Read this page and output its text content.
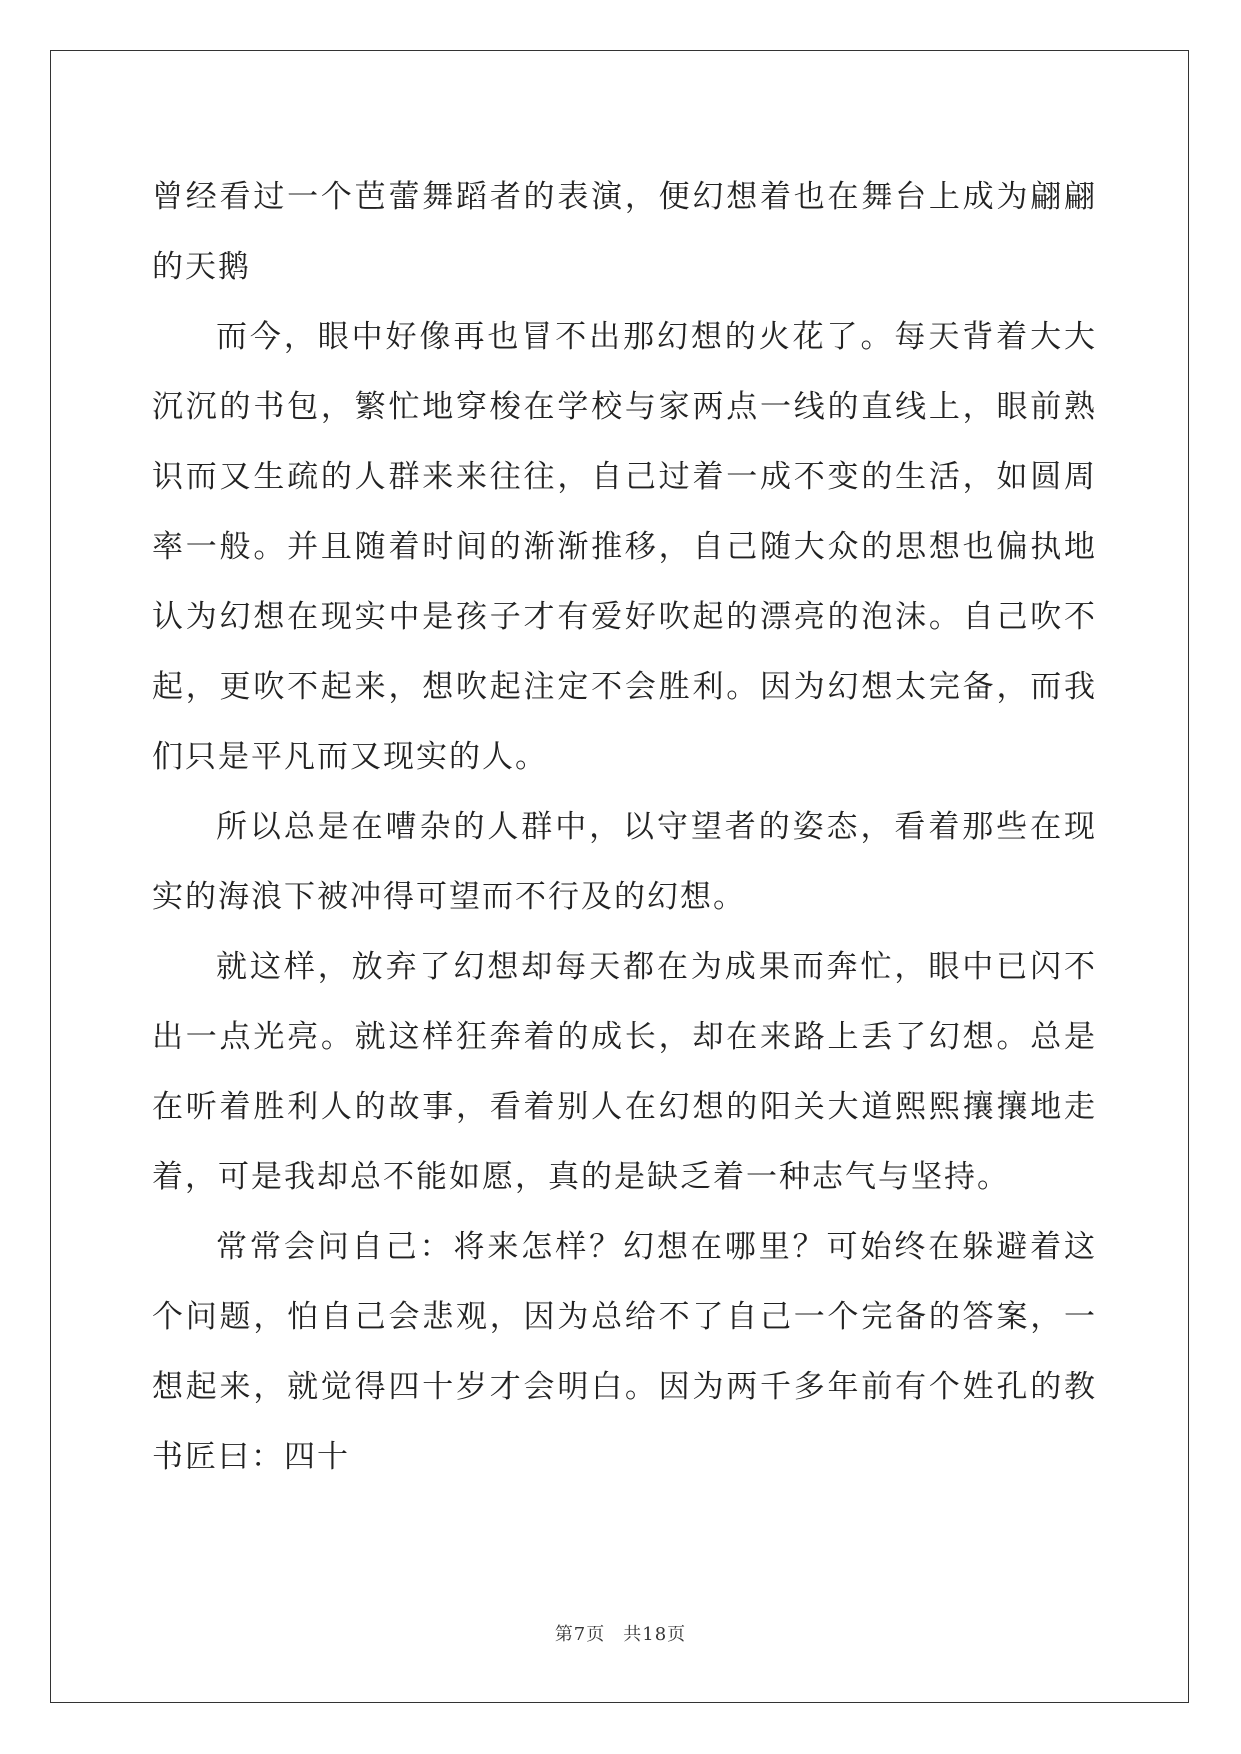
曾经看过一个芭蕾舞蹈者的表演，便幻想着也在舞台上成为翩翩的天鹅

而今，眼中好像再也冒不出那幻想的火花了。每天背着大大沉沉的书包，繁忙地穿梭在学校与家两点一线的直线上，眼前熟识而又生疏的人群来来往往，自己过着一成不变的生活，如圆周率一般。并且随着时间的渐渐推移，自己随大众的思想也偏执地认为幻想在现实中是孩子才有爱好吹起的漂亮的泡沫。自己吹不起，更吹不起来，想吹起注定不会胜利。因为幻想太完备，而我们只是平凡而又现实的人。

所以总是在嘈杂的人群中，以守望者的姿态，看着那些在现实的海浪下被冲得可望而不行及的幻想。

就这样，放弃了幻想却每天都在为成果而奔忙，眼中已闪不出一点光亮。就这样狂奔着的成长，却在来路上丢了幻想。总是在听着胜利人的故事，看着别人在幻想的阳关大道熙熙攘攘地走着，可是我却总不能如愿，真的是缺乏着一种志气与坚持。

常常会问自己：将来怎样？幻想在哪里？可始终在躲避着这个问题，怕自己会悲观，因为总给不了自己一个完备的答案，一想起来，就觉得四十岁才会明白。因为两千多年前有个姓孔的教书匠曰：四十

第7页 共18页
